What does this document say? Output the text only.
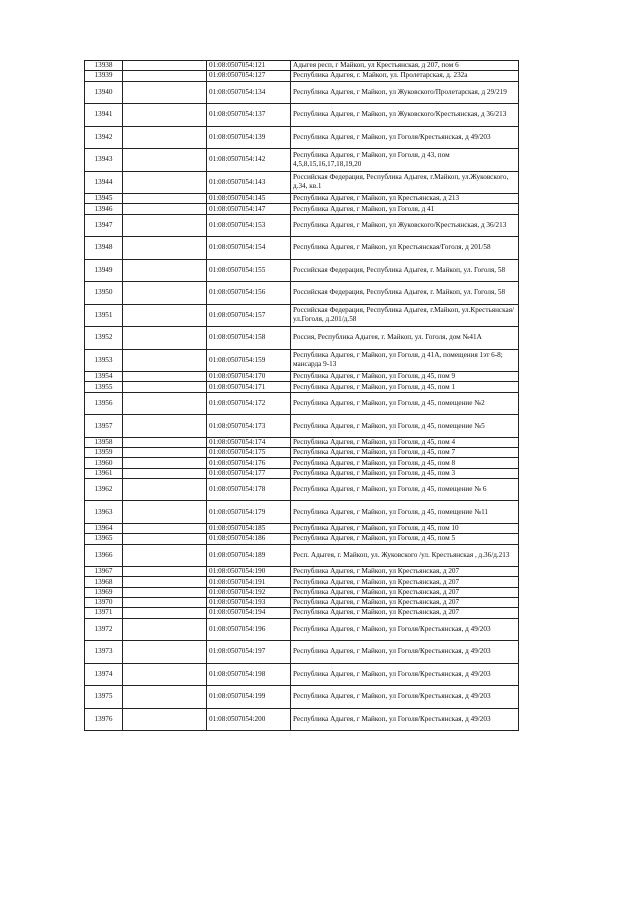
13938		01:08:0507054:121	Адыгея респ, г Майкоп, ул Крестьянская, д 207, пом 6
13939		01:08:0507054:127	Республика Адыгея, г. Майкоп, ул. Пролетарская, д. 232а
13940		01:08:0507054:134	Республика Адыгея, г Майкоп, ул Жуковского/Пролетарская, д 29/219
13941		01:08:0507054:137	Республика Адыгея, г Майкоп, ул Жуковского/Крестьянская, д 36/213
13942		01:08:0507054:139	Республика Адыгея, г Майкоп, ул Гоголя/Крестьянская, д 49/203
13943		01:08:0507054:142	Республика Адыгея, г Майкоп, ул Гоголя, д 43, пом 4,5,8,15,16,17,18,19,20
13944		01:08:0507054:143	Российская Федерация, Республика Адыгея, г.Майкоп, ул.Жуковского, д.34, кв.1
13945		01:08:0507054:145	Республика Адыгея, г Майкоп, ул Крестьянская, д 213
13946		01:08:0507054:147	Республика Адыгея, г Майкоп, ул Гоголя, д 41
13947		01:08:0507054:153	Республика Адыгея, г Майкоп, ул Жуковского/Крестьянская, д 36/213
13948		01:08:0507054:154	Республика Адыгея, г Майкоп, ул Крестьянская/Гоголя, д 201/58
13949		01:08:0507054:155	Российская Федерация, Республика Адыгея, г. Майкоп, ул. Гоголя, 58
13950		01:08:0507054:156	Российская Федерация, Республика Адыгея, г. Майкоп, ул. Гоголя, 58
13951		01:08:0507054:157	Российская Федерация, Республика Адыгея, г.Майкоп, ул.Крестьянская/ул.Гоголя, д.201/д.58
13952		01:08:0507054:158	Россия, Республика Адыгея, г. Майкоп, ул. Гоголя, дом №41А
13953		01:08:0507054:159	Республика Адыгея, г Майкоп, ул Гоголя, д 41А, помещения 1эт 6-8; мансарда 9-13
13954		01:08:0507054:170	Республика Адыгея, г Майкоп, ул Гоголя, д 45, пом 9
13955		01:08:0507054:171	Республика Адыгея, г Майкоп, ул Гоголя, д 45, пом 1
13956		01:08:0507054:172	Республика Адыгея, г Майкоп, ул Гоголя, д 45, помещение №2
13957		01:08:0507054:173	Республика Адыгея, г Майкоп, ул Гоголя, д 45, помещение №5
13958		01:08:0507054:174	Республика Адыгея, г Майкоп, ул Гоголя, д 45, пом 4
13959		01:08:0507054:175	Республика Адыгея, г Майкоп, ул Гоголя, д 45, пом 7
13960		01:08:0507054:176	Республика Адыгея, г Майкоп, ул Гоголя, д 45, пом 8
13961		01:08:0507054:177	Республика Адыгея, г Майкоп, ул Гоголя, д 45, пом 3
13962		01:08:0507054:178	Республика Адыгея, г Майкоп, ул Гоголя, д 45, помещение № 6
13963		01:08:0507054:179	Республика Адыгея, г Майкоп, ул Гоголя, д 45, помещение №11
13964		01:08:0507054:185	Республика Адыгея, г Майкоп, ул Гоголя, д 45, пом 10
13965		01:08:0507054:186	Республика Адыгея, г Майкоп, ул Гоголя, д 45, пом 5
13966		01:08:0507054:189	Респ. Адыгея, г. Майкоп, ул. Жуковского /ул. Крестьянская , д.36/д.213
13967		01:08:0507054:190	Республика Адыгея, г Майкоп, ул Крестьянская, д 207
13968		01:08:0507054:191	Республика Адыгея, г Майкоп, ул Крестьянская, д 207
13969		01:08:0507054:192	Республика Адыгея, г Майкоп, ул Крестьянская, д 207
13970		01:08:0507054:193	Республика Адыгея, г Майкоп, ул Крестьянская, д 207
13971		01:08:0507054:194	Республика Адыгея, г Майкоп, ул Крестьянская, д 207
13972		01:08:0507054:196	Республика Адыгея, г Майкоп, ул Гоголя/Крестьянская, д 49/203
13973		01:08:0507054:197	Республика Адыгея, г Майкоп, ул Гоголя/Крестьянская, д 49/203
13974		01:08:0507054:198	Республика Адыгея, г Майкоп, ул Гоголя/Крестьянская, д 49/203
13975		01:08:0507054:199	Республика Адыгея, г Майкоп, ул Гоголя/Крестьянская, д 49/203
13976		01:08:0507054:200	Республика Адыгея, г Майкоп, ул Гоголя/Крестьянская, д 49/203
